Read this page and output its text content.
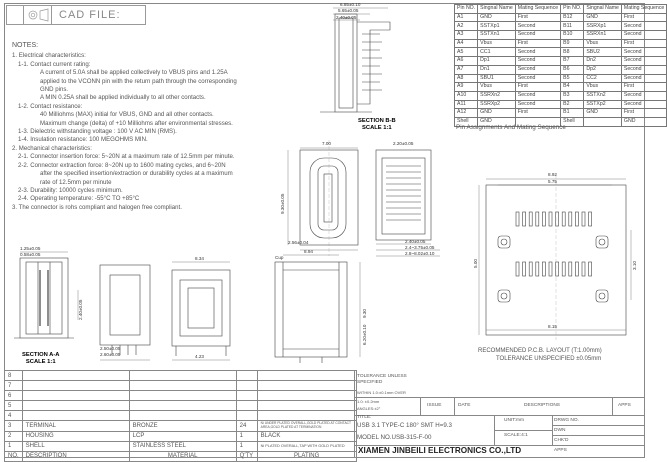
CAD FILE:
NOTES:
1. Electrical characteristics:
1-1. Contact current rating:
A current of 5.0A shall be applied collectively to VBUS pins and 1.25A
applied to the VCONN pin with the return path through the corresponding
GND pins.
A MIN 0.25A shall be applied individually to all other contacts.
1-2. Contact resistance:
40 Milliohms (MAX) initial for VBUS, GND and all other contacts.
Maximum change (delta) of +10 Milliohms after environmental stresses.
1-3. Dielectric withstanding voltage : 100 V AC MIN (RMS).
1-4. Insulation resistance: 100 MEGOHMS MIN.
2. Mechanical characteristics:
2-1. Connector insertion force: 5~20N at a maximum rate of 12.5mm per minute.
2-2. Connector extraction force: 8~20N up to 1600 mating cycles, and 6~20N
after the specified insertion/extraction or durability cycles at a maximum
rate of 12.5mm per minute
2-3. Durability: 10000 cycles minimum.
2-4. Operating temperature: -55°C TO +85°C
3. The connector is rohs compliant and halogen free compliant.
Pin NO.	Singnal Name	Mating Sequence	Pin NO.	Singnal Name	Mating Sequence
A1	GND	First	B12	GND	First
A2	SSTXp1	Second	B11	SSRXp1	Second
A3	SSTXn1	Second	B10	SSRXn1	Second
A4	Vbus	First	B9	Vbus	First
A5	CC1	Second	B8	SBU2	Second
A6	Dp1	Second	B7	Dn2	Second
A7	Dn1	Second	B6	Dp2	Second
A8	SBU1	Second	B5	CC2	Second
A9	Vbus	First	B4	Vbus	First
A10	SSRXn2	Second	B3	SSTXn2	Second
A11	SSRXp2	Second	B2	SSTXp2	Second
A12	GND	First	B1	GND	First
Shell	GND		Shell		GND
Pin Assignments And Mating Sequence
6.85±0.10
5.65±0.05
2.40±0.05
7.00
9.30±0.05
2.56±0.04
2.20±0.05
2.40±0.05
2.4~3.75±0.05
2.8~8.02±0.10
8.92
5.75
8.15
5.00	3.10
1.25±0.05
0.58±0.05
2.40±0.05
2.50±0.05
2.60±0.05
8.34
4.23
Cup
8.94
9.30
6.20±0.10
SECTION B-B
SCALE 1:1
SECTION A-A
SCALE 1:1
RECOMMENDED P.C.B. LAYOUT (T:1.00mm)
TOLERANCE UNSPECIFIED ±0.05mm
8				
7				
6				
5				
4				
3	TERMINAL	BRONZE	24	Ni UNDER PLATED OVERALL,GOLD PLATED AT CONTACT AREA,GOLD PLATED AT TERMINATION
2	HOUSING	LCP	1	BLACK
1	SHELL	STAINLESS STEEL	1	Ni PLATED OVERALL,TAP WITH GOLD PLATED
NO.	DESCRIPTION	MATERIAL	Q'TY	PLATING
TOLERANCE UNLESS
SPECIFIED
WITHIN 1.0:±0.1mm OVER
1.0: ±0.2mm
ANGLES:±2°
ISSUE	DATE	DESCRIPTIONS	APPS
TITLE:
USB 3.1 TYPE-C 180° SMT H=9.3
MODEL NO.USB-315-F-00
UNIT:mm
SCALE:4:1
DRWG NO.
DWN
CHK'D
APPS
XIAMEN JINBEILI ELECTRONICS CO.,LTD
